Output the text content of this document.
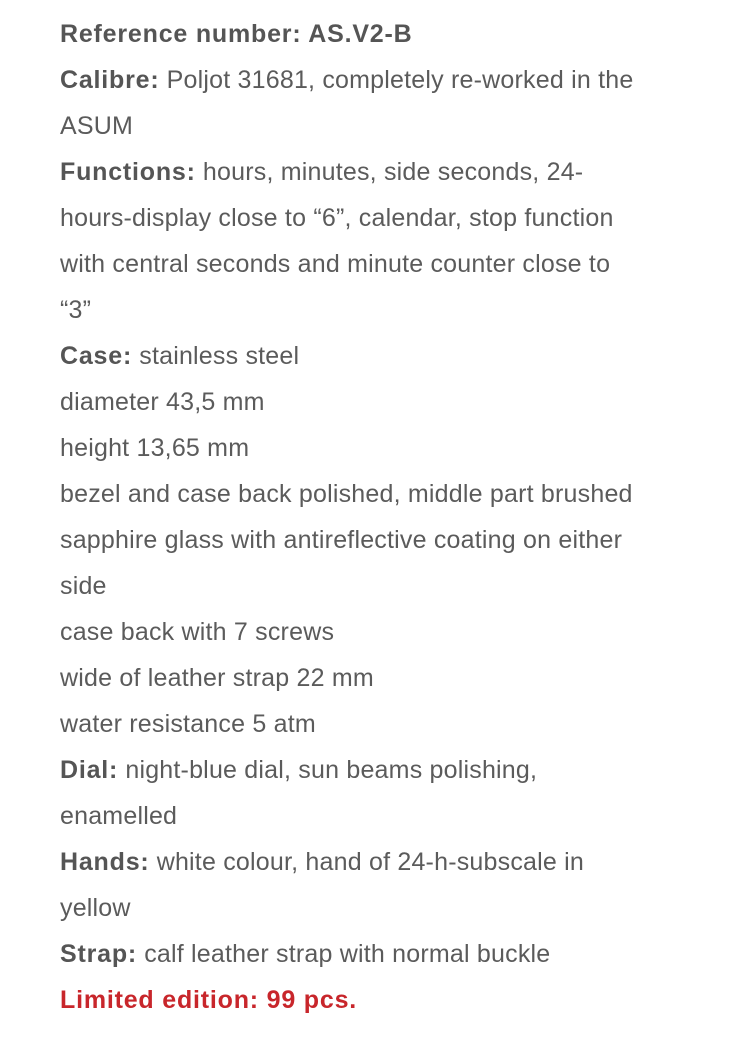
Reference number: AS.V2-B

Calibre: Poljot 31681, completely re-worked in the

ASUM

Functions: hours, minutes, side seconds, 24-

hours-display close to “6”, calendar, stop function

with central seconds and minute counter close to

“3”

Case: stainless steel

diameter 43,5 mm

height 13,65 mm

bezel and case back polished, middle part brushed

sapphire glass with antireflective coating on either

side

case back with 7 screws

wide of leather strap 22 mm

water resistance 5 atm

Dial: night-blue dial, sun beams polishing,

enamelled

Hands: white colour, hand of 24-h-subscale in

yellow

Strap: calf leather strap with normal buckle

Limited edition: 99 pcs.
